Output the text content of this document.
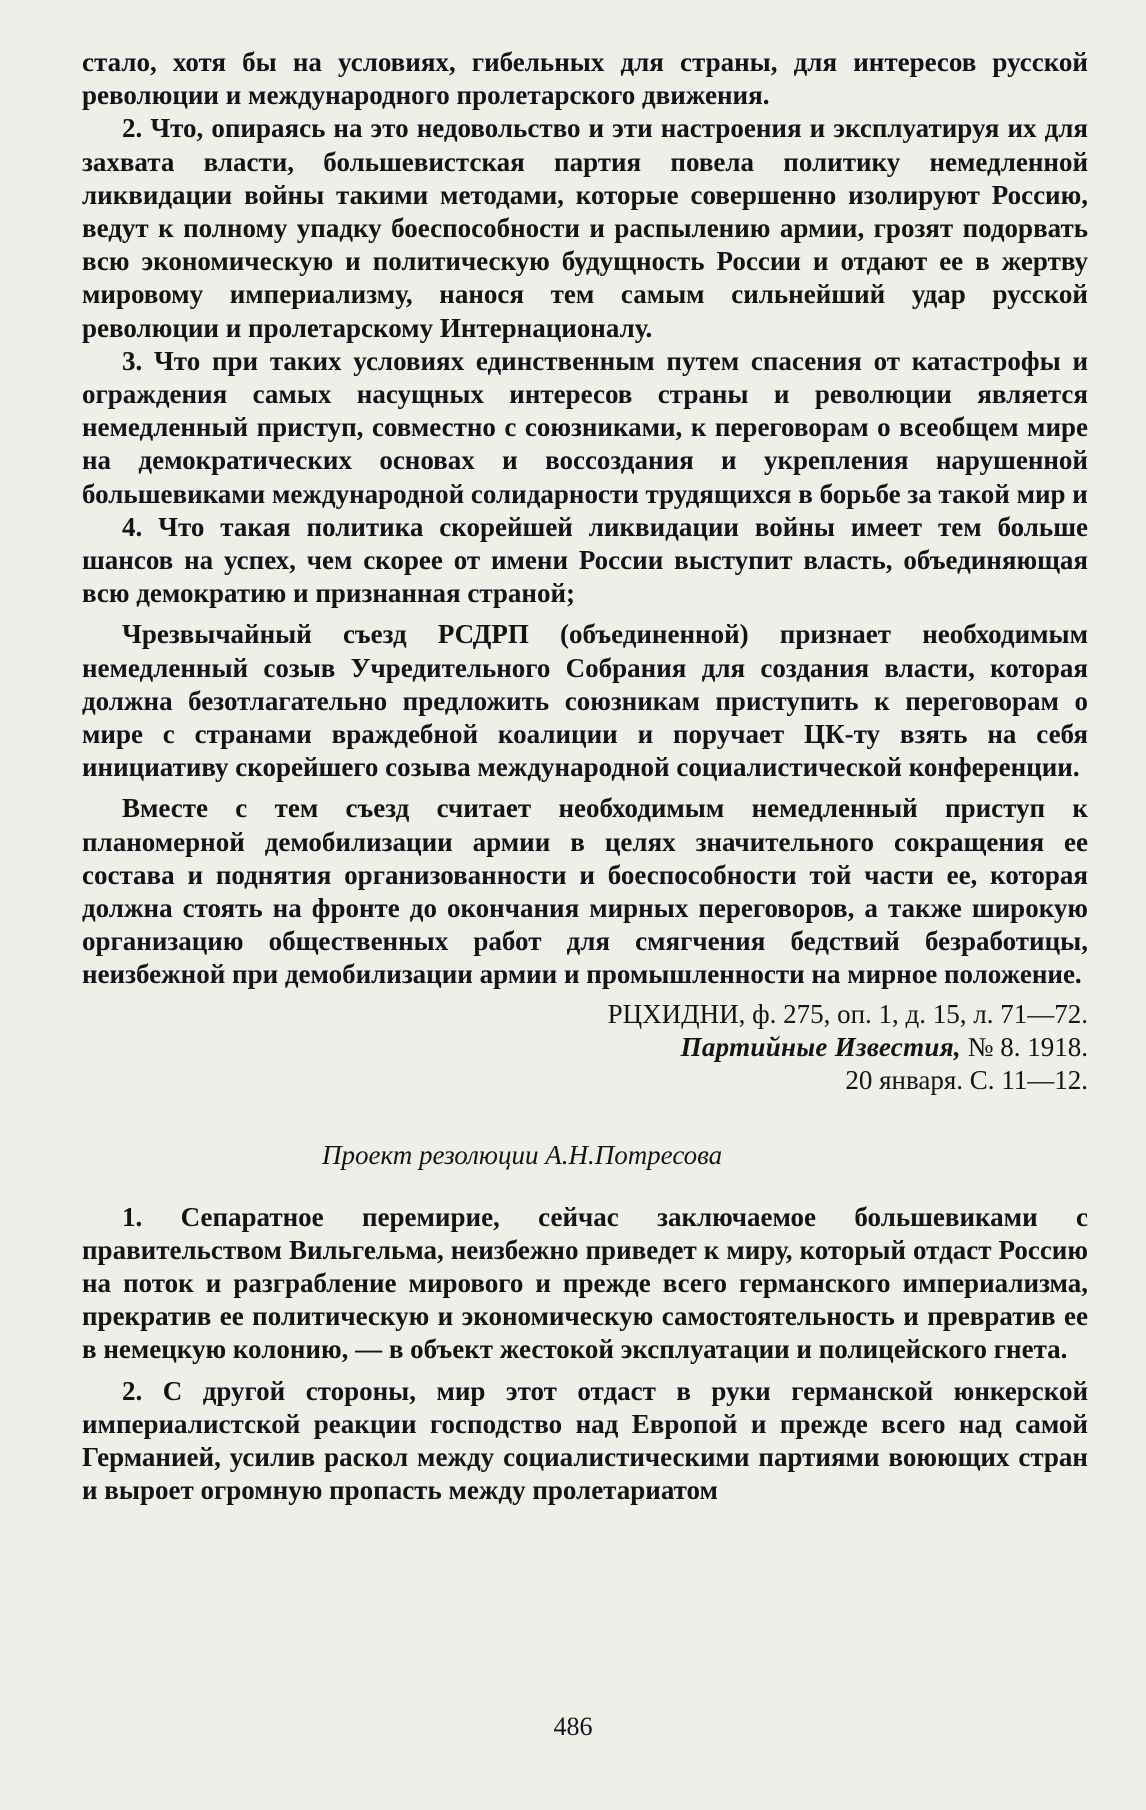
стало, хотя бы на условиях, гибельных для страны, для интересов русской революции и международного пролетарского движения.

2. Что, опираясь на это недовольство и эти настроения и эксплуатируя их для захвата власти, большевистская партия повела политику немедленной ликвидации войны такими методами, которые совершенно изолируют Россию, ведут к полному упадку боеспособности и распылению армии, грозят подорвать всю экономическую и политическую будущность России и отдают ее в жертву мировому империализму, нанося тем самым сильнейший удар русской революции и пролетарскому Интернационалу.

3. Что при таких условиях единственным путем спасения от катастрофы и ограждения самых насущных интересов страны и революции является немедленный приступ, совместно с союзниками, к переговорам о всеобщем мире на демократических основах и воссоздания и укрепления нарушенной большевиками международной солидарности трудящихся в борьбе за такой мир и

4. Что такая политика скорейшей ликвидации войны имеет тем больше шансов на успех, чем скорее от имени России выступит власть, объединяющая всю демократию и признанная страной;

Чрезвычайный съезд РСДРП (объединенной) признает необходимым немедленный созыв Учредительного Собрания для создания власти, которая должна безотлагательно предложить союзникам приступить к переговорам о мире с странами враждебной коалиции и поручает ЦК-ту взять на себя инициативу скорейшего созыва международной социалистической конференции.

Вместе с тем съезд считает необходимым немедленный приступ к планомерной демобилизации армии в целях значительного сокращения ее состава и поднятия организованности и боеспособности той части ее, которая должна стоять на фронте до окончания мирных переговоров, а также широкую организацию общественных работ для смягчения бедствий безработицы, неизбежной при демобилизации армии и промышленности на мирное положение.

РЦХИДНИ, ф. 275, оп. 1, д. 15, л. 71—72.

Партийные Известия, № 8. 1918.

20 января. С. 11—12.

Проект резолюции А.Н.Потресова

1. Сепаратное перемирие, сейчас заключаемое большевиками с правительством Вильгельма, неизбежно приведет к миру, который отдаст Россию на поток и разграбление мирового и прежде всего германского империализма, прекратив ее политическую и экономическую самостоятельность и превратив ее в немецкую колонию, — в объект жестокой эксплуатации и полицейского гнета.

2. С другой стороны, мир этот отдаст в руки германской юнкерской империалистской реакции господство над Европой и прежде всего над самой Германией, усилив раскол между социалистическими партиями воюющих стран и выроет огромную пропасть между пролетариатом

486
